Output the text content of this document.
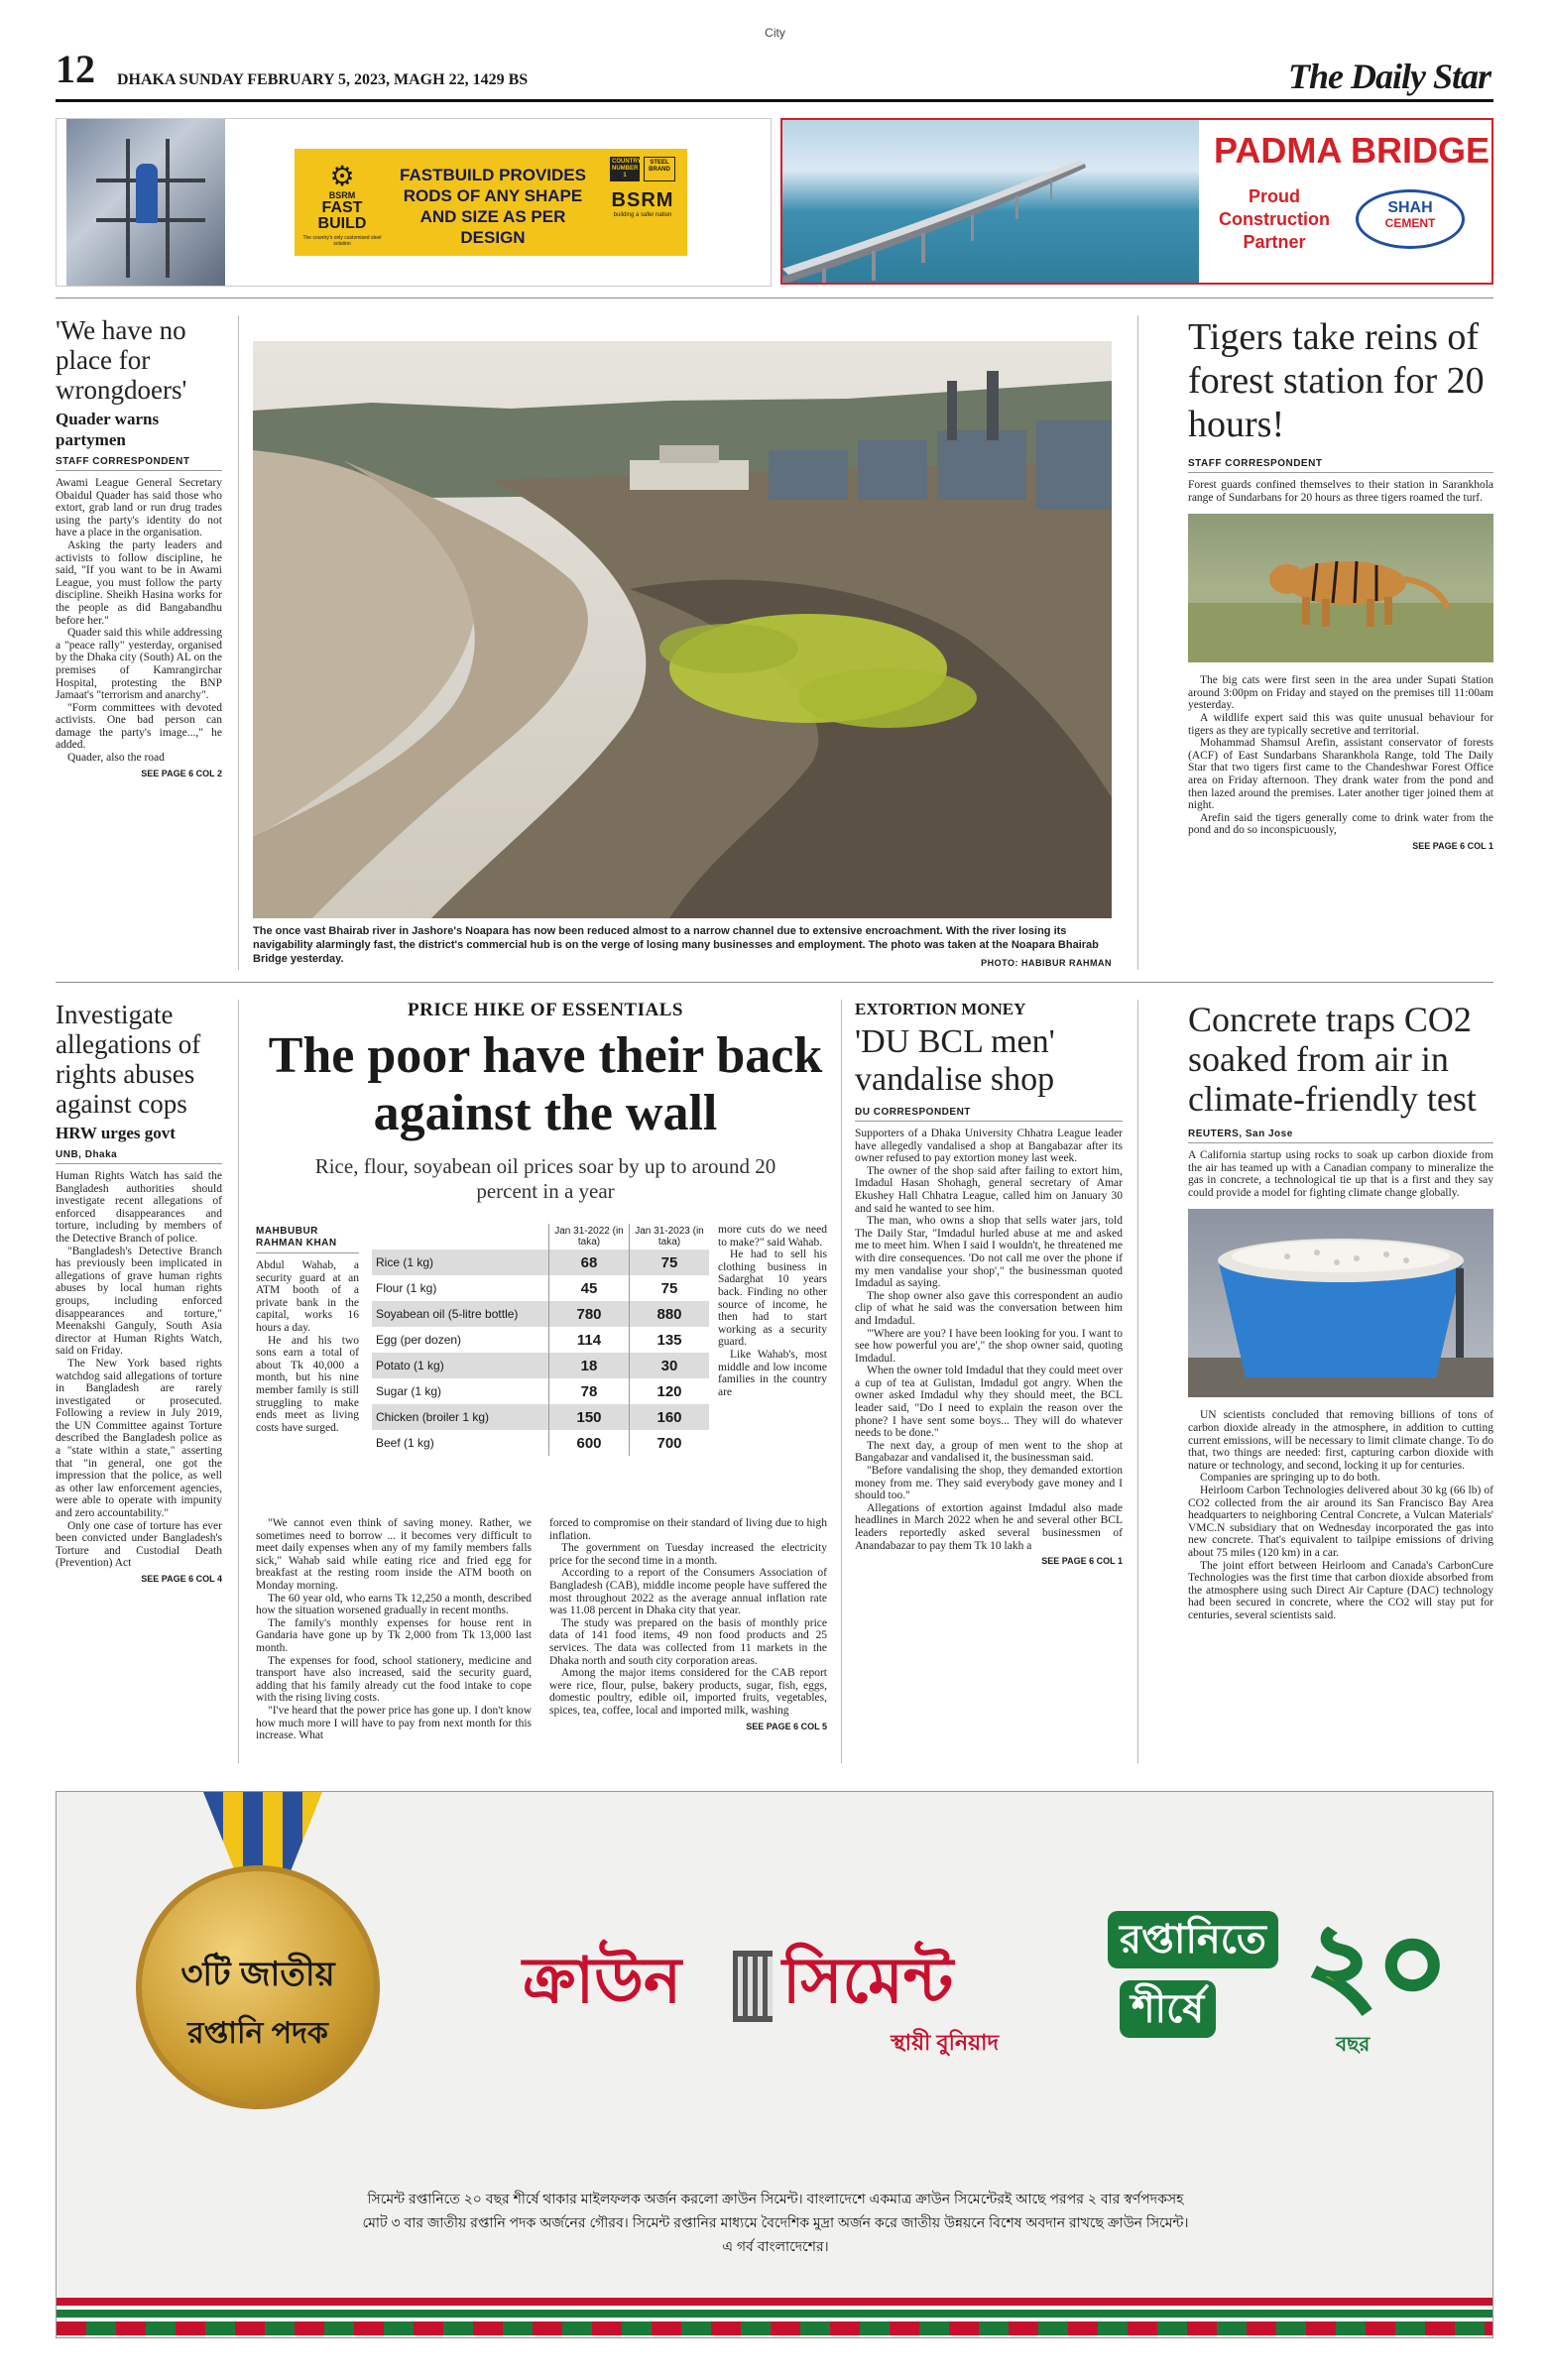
City
12 DHAKA SUNDAY FEBRUARY 5, 2023, MAGH 22, 1429 BS	The Daily Star
⚙
BSRM
FAST BUILD
The country's only customised steel solution
FASTBUILD PROVIDES RODS OF ANY SHAPE AND SIZE AS PER DESIGN
COUNTRY'S NUMBER 1
STEEL BRAND
BSRM
building a safer nation
PADMA BRIDGE
Proud
Construction
Partner
SHAH
CEMENT
'We have no place for wrongdoers'
Quader warns partymen
STAFF CORRESPONDENT

Awami League General Secretary Obaidul Quader has said those who extort, grab land or run drug trades using the party's identity do not have a place in the organisation.

Asking the party leaders and activists to follow discipline, he said, "If you want to be in Awami League, you must follow the party discipline. Sheikh Hasina works for the people as did Bangabandhu before her."

Quader said this while addressing a "peace rally" yesterday, organised by the Dhaka city (South) AL on the premises of Kamrangirchar Hospital, protesting the BNP Jamaat's "terrorism and anarchy".

"Form committees with devoted activists. One bad person can damage the party's image...," he added.

Quader, also the road

SEE PAGE 6 COL 2
The once vast Bhairab river in Jashore's Noapara has now been reduced almost to a narrow channel due to extensive encroachment. With the river losing its navigability alarmingly fast, the district's commercial hub is on the verge of losing many businesses and employment. The photo was taken at the Noapara Bhairab Bridge yesterday.	PHOTO: HABIBUR RAHMAN
Tigers take reins of forest station for 20 hours!
STAFF CORRESPONDENT
Forest guards confined themselves to their station in Sarankhola range of Sundarbans for 20 hours as three tigers roamed the turf.

The big cats were first seen in the area under Supati Station around 3:00pm on Friday and stayed on the premises till 11:00am yesterday.

A wildlife expert said this was quite unusual behaviour for tigers as they are typically secretive and territorial.

Mohammad Shamsul Arefin, assistant conservator of forests (ACF) of East Sundarbans Sharankhola Range, told The Daily Star that two tigers first came to the Chandeshwar Forest Office area on Friday afternoon. They drank water from the pond and then lazed around the premises. Later another tiger joined them at night.

Arefin said the tigers generally come to drink water from the pond and do so inconspicuously,

SEE PAGE 6 COL 1
Investigate allegations of rights abuses against cops
HRW urges govt
UNB, Dhaka

Human Rights Watch has said the Bangladesh authorities should investigate recent allegations of enforced disappearances and torture, including by members of the Detective Branch of police.

"Bangladesh's Detective Branch has previously been implicated in allegations of grave human rights abuses by local human rights groups, including enforced disappearances and torture," Meenakshi Ganguly, South Asia director at Human Rights Watch, said on Friday.

The New York based rights watchdog said allegations of torture in Bangladesh are rarely investigated or prosecuted. Following a review in July 2019, the UN Committee against Torture described the Bangladesh police as a "state within a state," asserting that "in general, one got the impression that the police, as well as other law enforcement agencies, were able to operate with impunity and zero accountability."

Only one case of torture has ever been convicted under Bangladesh's Torture and Custodial Death (Prevention) Act

SEE PAGE 6 COL 4
PRICE HIKE OF ESSENTIALS
The poor have their back against the wall
Rice, flour, soyabean oil prices soar by up to around 20 percent in a year
MAHBUBUR RAHMAN KHAN

Abdul Wahab, a security guard at an ATM booth of a private bank in the capital, works 16 hours a day.

He and his two sons earn a total of about Tk 40,000 a month, but his nine member family is still struggling to make ends meet as living costs have surged.

	Jan 31-2022 (in taka)	Jan 31-2023 (in taka)
Rice (1 kg)	68	75
Flour (1 kg)	45	75
Soyabean oil (5-litre bottle)	780	880
Egg (per dozen)	114	135
Potato (1 kg)	18	30
Sugar (1 kg)	78	120
Chicken (broiler 1 kg)	150	160
Beef (1 kg)	600	700

more cuts do we need to make?" said Wahab.

He had to sell his clothing business in Sadarghat 10 years back. Finding no other source of income, he then had to start working as a security guard.

Like Wahab's, most middle and low income families in the country are

"We cannot even think of saving money. Rather, we sometimes need to borrow ... it becomes very difficult to meet daily expenses when any of my family members falls sick," Wahab said while eating rice and fried egg for breakfast at the resting room inside the ATM booth on Monday morning.

The 60 year old, who earns Tk 12,250 a month, described how the situation worsened gradually in recent months.

The family's monthly expenses for house rent in Gandaria have gone up by Tk 2,000 from Tk 13,000 last month.

The expenses for food, school stationery, medicine and transport have also increased, said the security guard, adding that his family already cut the food intake to cope with the rising living costs.

"I've heard that the power price has gone up. I don't know how much more I will have to pay from next month for this increase. What

forced to compromise on their standard of living due to high inflation.

The government on Tuesday increased the electricity price for the second time in a month.

According to a report of the Consumers Association of Bangladesh (CAB), middle income people have suffered the most throughout 2022 as the average annual inflation rate was 11.08 percent in Dhaka city that year.

The study was prepared on the basis of monthly price data of 141 food items, 49 non food products and 25 services. The data was collected from 11 markets in the Dhaka north and south city corporation areas.

Among the major items considered for the CAB report were rice, flour, pulse, bakery products, sugar, fish, eggs, domestic poultry, edible oil, imported fruits, vegetables, spices, tea, coffee, local and imported milk, washing

SEE PAGE 6 COL 5
EXTORTION MONEY
'DU BCL men' vandalise shop
DU CORRESPONDENT

Supporters of a Dhaka University Chhatra League leader have allegedly vandalised a shop at Bangabazar after its owner refused to pay extortion money last week.

The owner of the shop said after failing to extort him, Imdadul Hasan Shohagh, general secretary of Amar Ekushey Hall Chhatra League, called him on January 30 and said he wanted to see him.

The man, who owns a shop that sells water jars, told The Daily Star, "Imdadul hurled abuse at me and asked me to meet him. When I said I wouldn't, he threatened me with dire consequences. 'Do not call me over the phone if my men vandalise your shop'," the businessman quoted Imdadul as saying.

The shop owner also gave this correspondent an audio clip of what he said was the conversation between him and Imdadul.

"'Where are you? I have been looking for you. I want to see how powerful you are'," the shop owner said, quoting Imdadul.

When the owner told Imdadul that they could meet over a cup of tea at Gulistan, Imdadul got angry. When the owner asked Imdadul why they should meet, the BCL leader said, "Do I need to explain the reason over the phone? I have sent some boys... They will do whatever needs to be done."

The next day, a group of men went to the shop at Bangabazar and vandalised it, the businessman said.

"Before vandalising the shop, they demanded extortion money from me. They said everybody gave money and I should too."

Allegations of extortion against Imdadul also made headlines in March 2022 when he and several other BCL leaders reportedly asked several businessmen of Anandabazar to pay them Tk 10 lakh a

SEE PAGE 6 COL 1
Concrete traps CO2 soaked from air in climate-friendly test
REUTERS, San Jose
A California startup using rocks to soak up carbon dioxide from the air has teamed up with a Canadian company to mineralize the gas in concrete, a technological tie up that is a first and they say could provide a model for fighting climate change globally.

UN scientists concluded that removing billions of tons of carbon dioxide already in the atmosphere, in addition to cutting current emissions, will be necessary to limit climate change. To do that, two things are needed: first, capturing carbon dioxide with nature or technology, and second, locking it up for centuries.

Companies are springing up to do both.

Heirloom Carbon Technologies delivered about 30 kg (66 lb) of CO2 collected from the air around its San Francisco Bay Area headquarters to neighboring Central Concrete, a Vulcan Materials' VMC.N subsidiary that on Wednesday incorporated the gas into new concrete. That's equivalent to tailpipe emissions of driving about 75 miles (120 km) in a car.

The joint effort between Heirloom and Canada's CarbonCure Technologies was the first time that carbon dioxide absorbed from the atmosphere using such Direct Air Capture (DAC) technology had been secured in concrete, where the CO2 will stay put for centuries, several scientists said.

৩টি জাতীয়
রপ্তানি পদক
ক্রাউন সিমেন্ট
স্থায়ী বুনিয়াদ
রপ্তানিতে
শীর্ষে ২০
বছর
সিমেন্ট রপ্তানিতে ২০ বছর শীর্ষে থাকার মাইলফলক অর্জন করলো ক্রাউন সিমেন্ট। বাংলাদেশে একমাত্র ক্রাউন সিমেন্টেরই আছে পরপর ২ বার স্বর্ণপদকসহ
মোট ৩ বার জাতীয় রপ্তানি পদক অর্জনের গৌরব। সিমেন্ট রপ্তানির মাধ্যমে বৈদেশিক মুদ্রা অর্জন করে জাতীয় উন্নয়নে বিশেষ অবদান রাখছে ক্রাউন সিমেন্ট।
এ গর্ব বাংলাদেশের।
